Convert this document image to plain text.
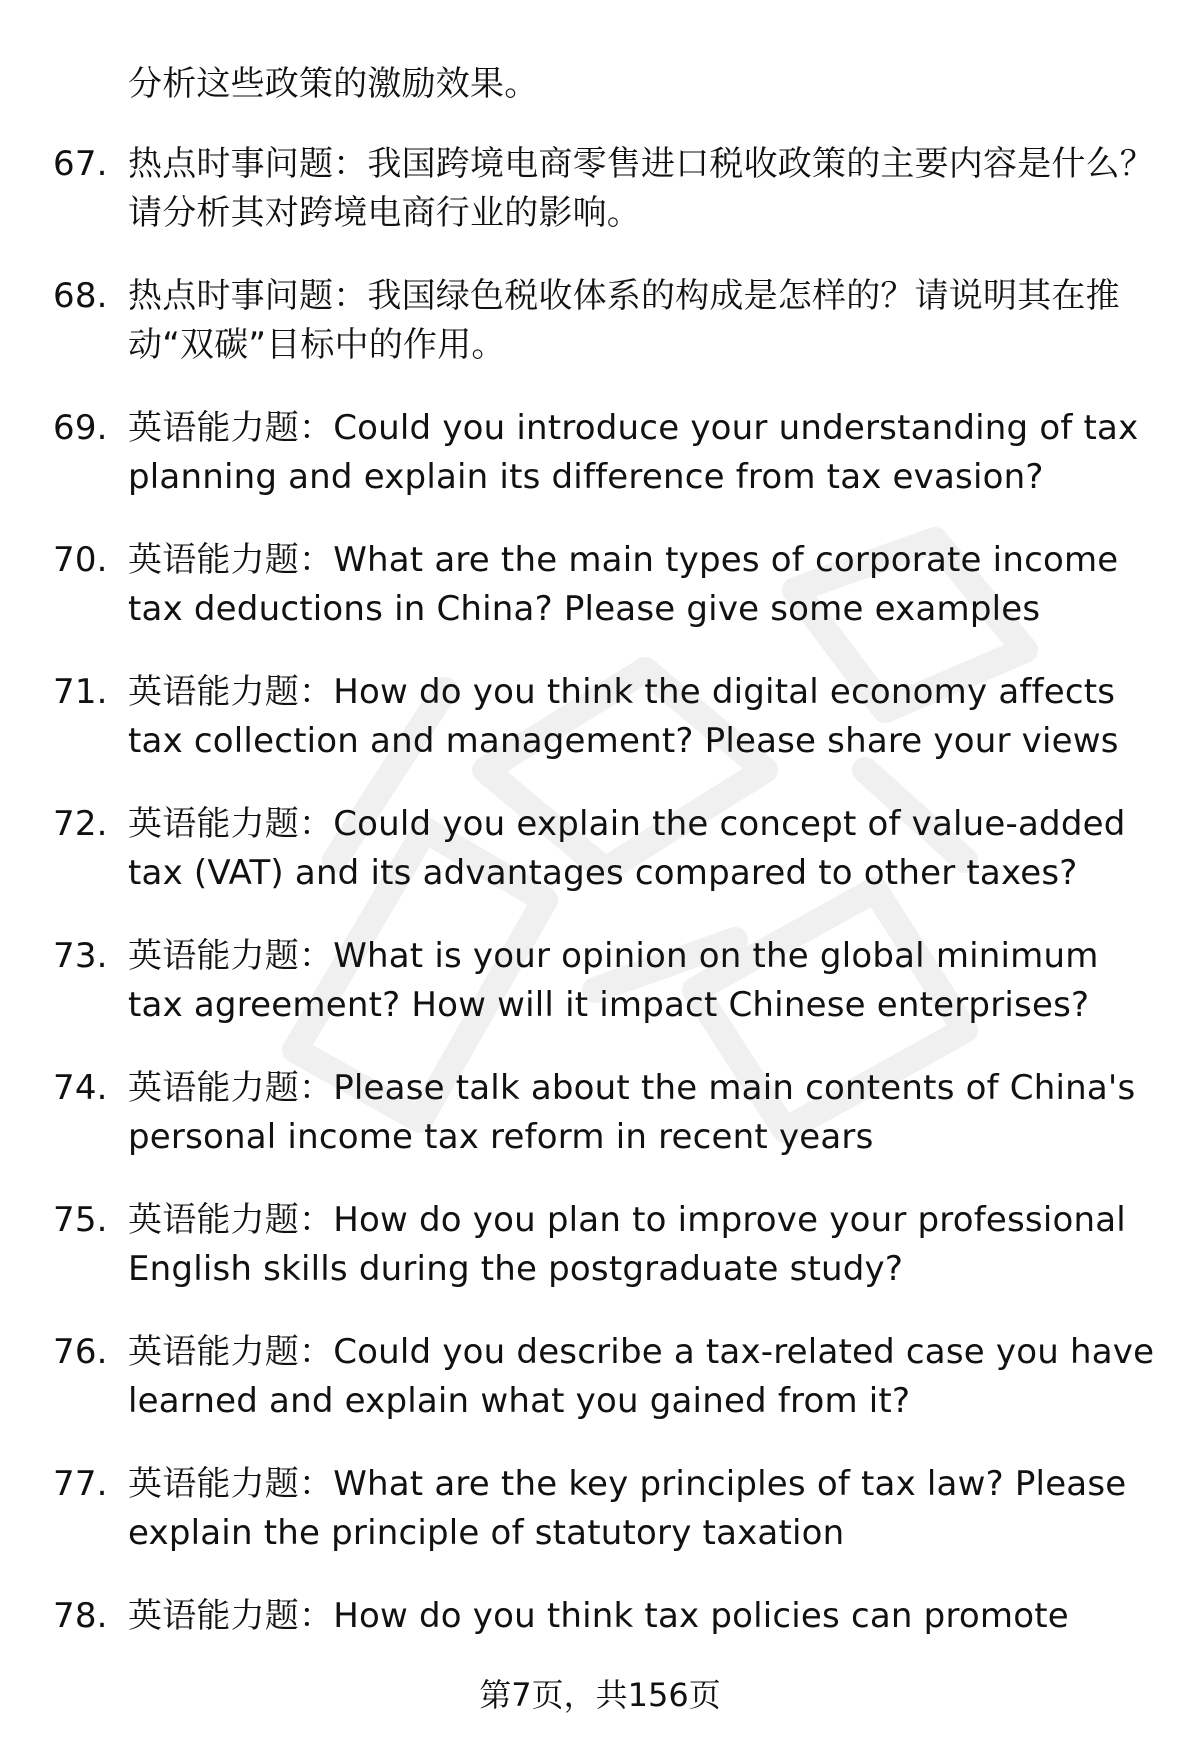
分析这些政策的激励效果。
67. 热点时事问题：我国跨境电商零售进口税收政策的主要内容是什么？请分析其对跨境电商行业的影响。
68. 热点时事问题：我国绿色税收体系的构成是怎样的？请说明其在推动“双碳”目标中的作用。
69. 英语能力题：Could you introduce your understanding of tax planning and explain its difference from tax evasion?
70. 英语能力题：What are the main types of corporate income tax deductions in China? Please give some examples
71. 英语能力题：How do you think the digital economy affects tax collection and management? Please share your views
72. 英语能力题：Could you explain the concept of value-added tax (VAT) and its advantages compared to other taxes?
73. 英语能力题：What is your opinion on the global minimum tax agreement? How will it impact Chinese enterprises?
74. 英语能力题：Please talk about the main contents of China's personal income tax reform in recent years
75. 英语能力题：How do you plan to improve your professional English skills during the postgraduate study?
76. 英语能力题：Could you describe a tax-related case you have learned and explain what you gained from it?
77. 英语能力题：What are the key principles of tax law? Please explain the principle of statutory taxation
78. 英语能力题：How do you think tax policies can promote
第7页，共156页
